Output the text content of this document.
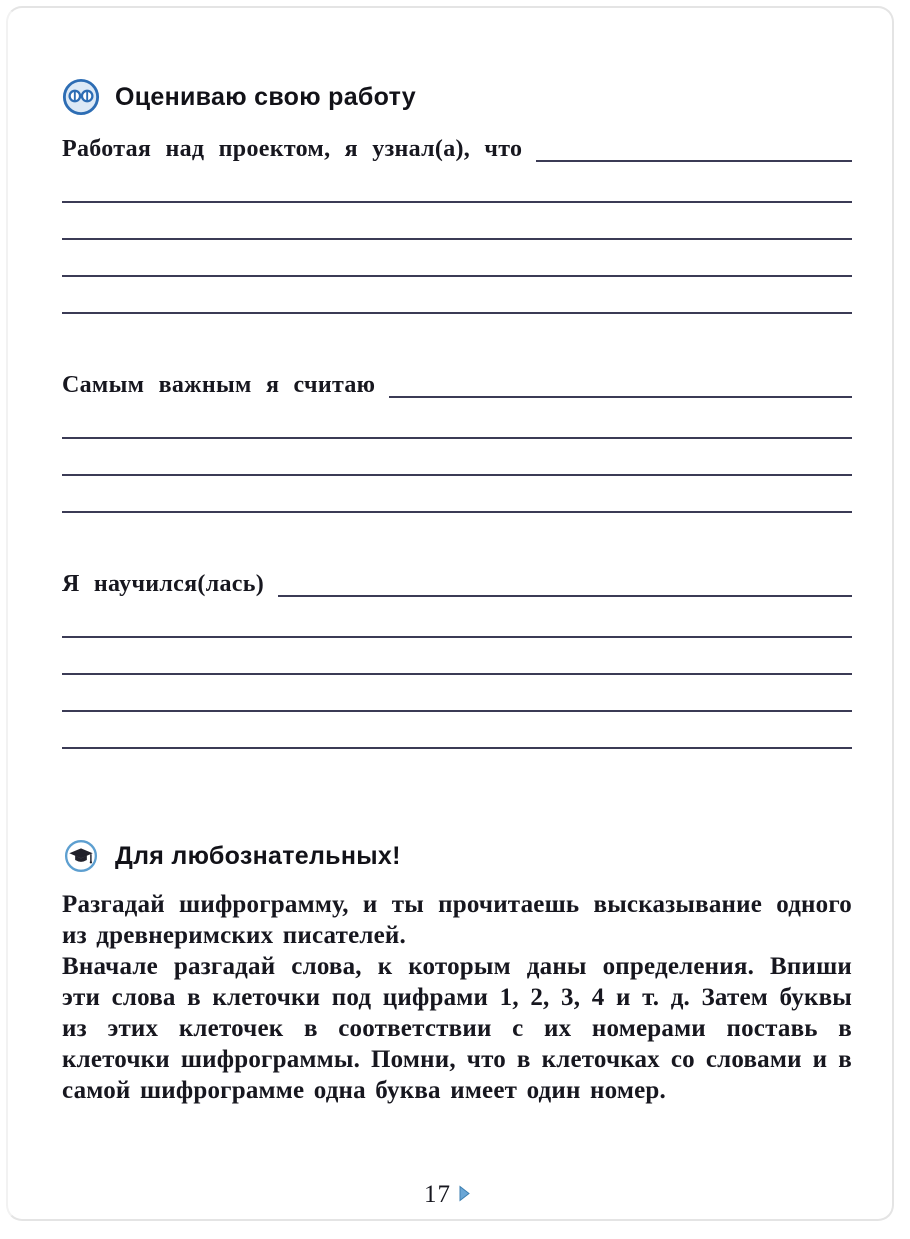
Оцениваю свою работу
Работая над проектом, я узнал(а), что
Самым важным я считаю
Я научился(лась)
Для любознательных!

Разгадай шифрограмму, и ты прочитаешь высказывание одного из древнеримских писателей.

Вначале разгадай слова, к которым даны определения. Впиши эти слова в клеточки под цифрами 1, 2, 3, 4 и т. д. Затем буквы из этих клеточек в соответствии с их номерами поставь в клеточки шифрограммы. Помни, что в клеточках со словами и в самой шифрограмме одна буква имеет один номер.

17
